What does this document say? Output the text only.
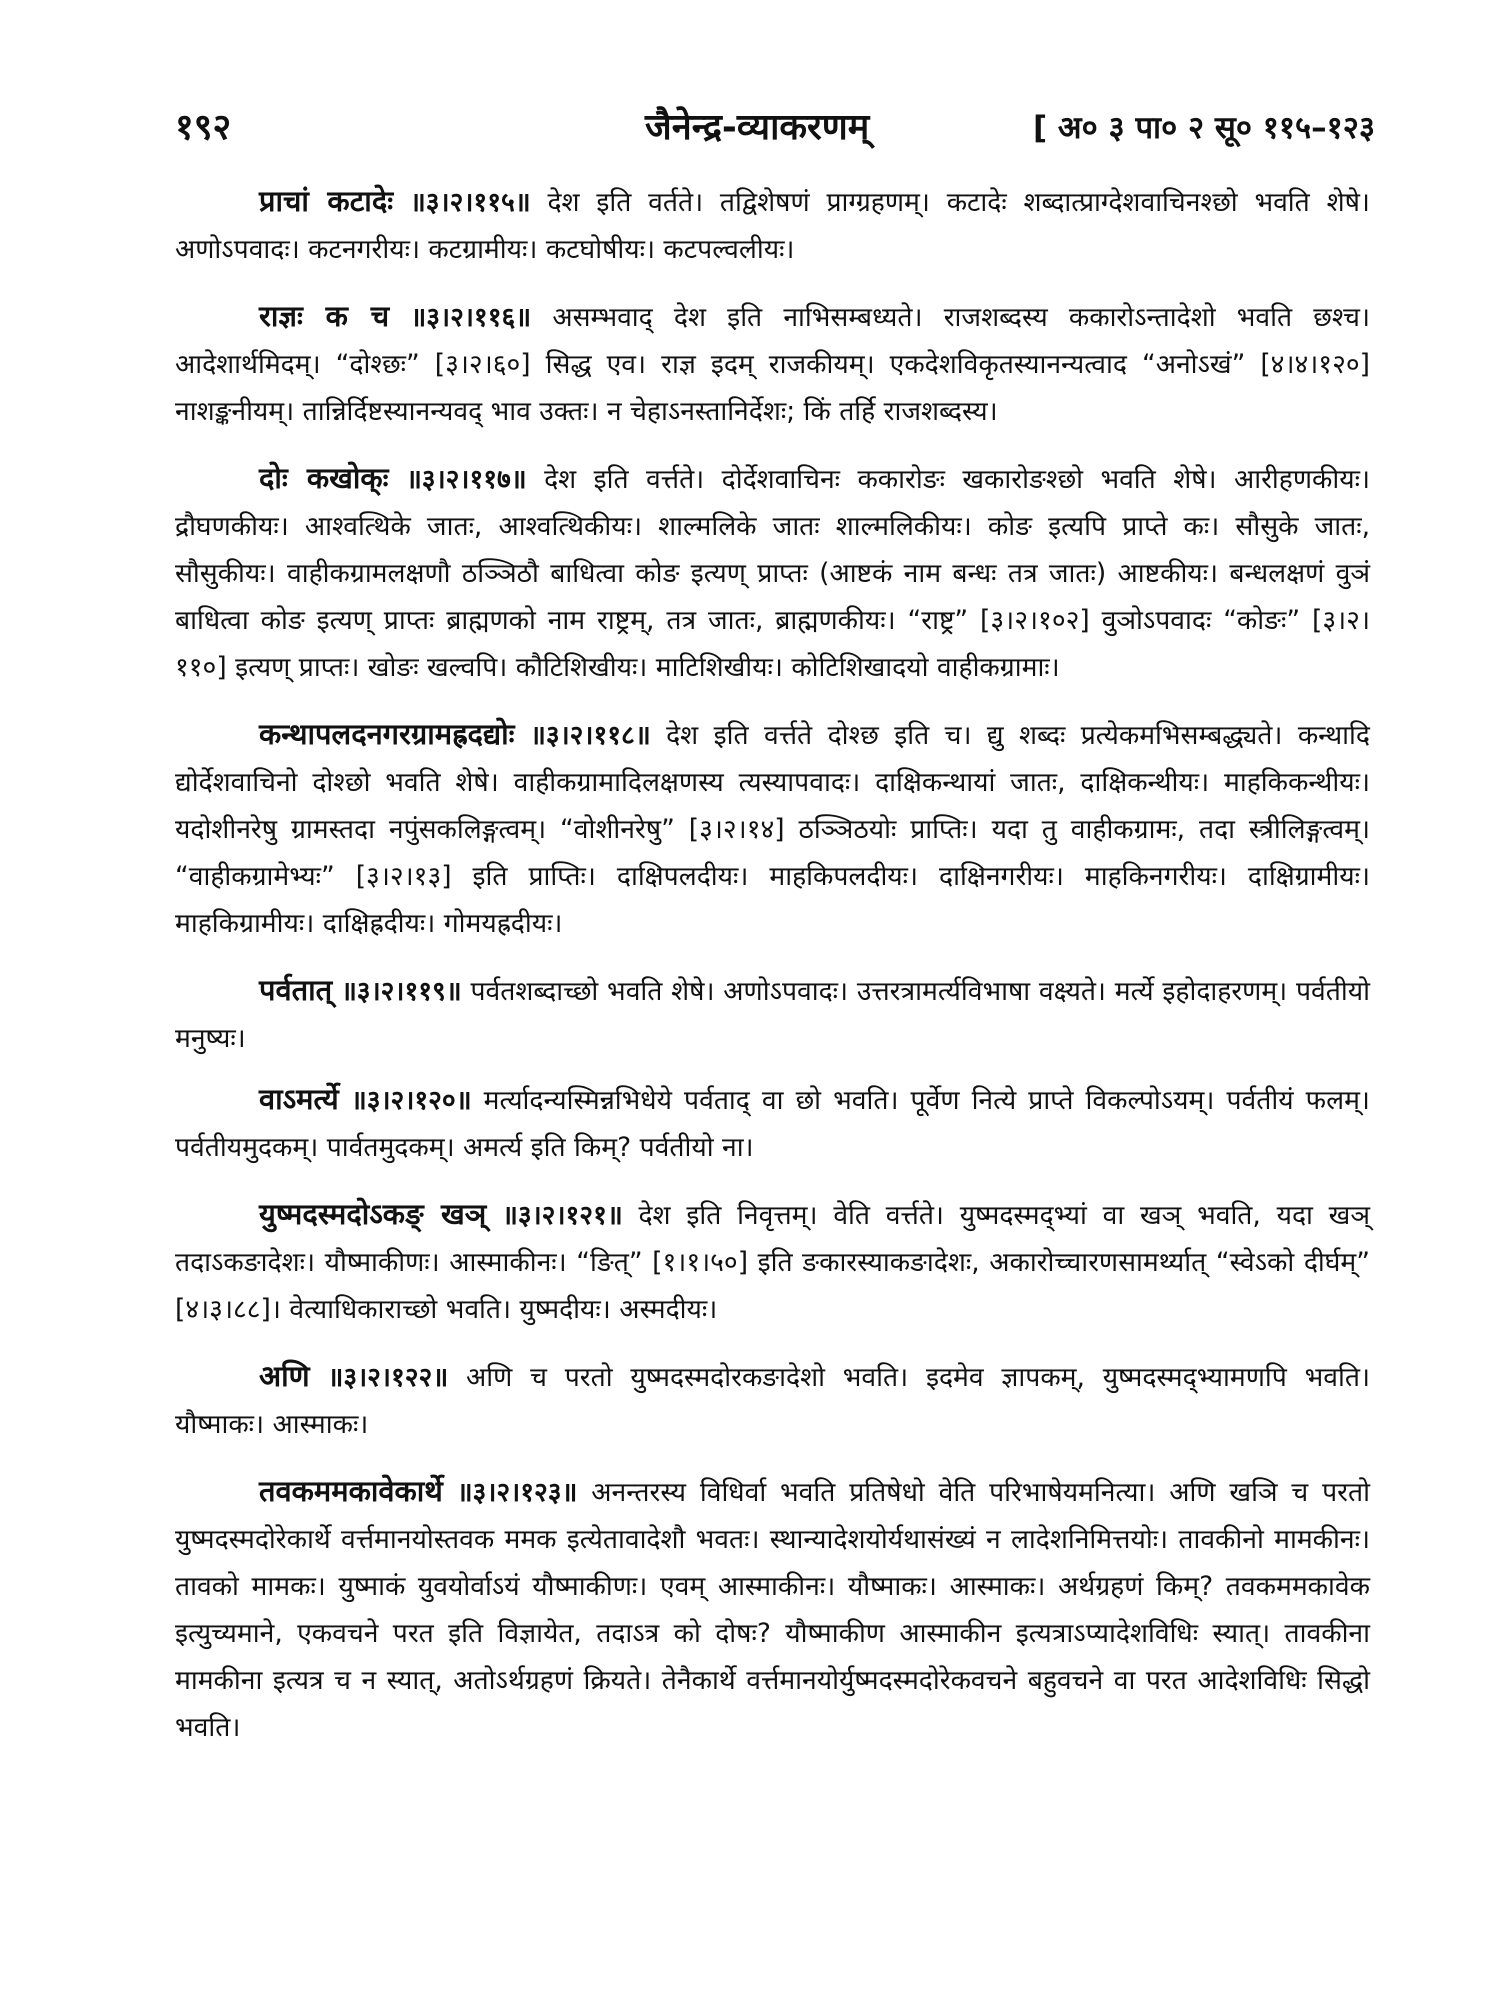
१९२	जैनेन्द्र-व्याकरणम्	[ अ० ३ पा० २ सू० ११५–१२३

प्राचां कटादेः ॥३।२।११५॥ देश इति वर्तते। तद्विशेषणं प्राग्ग्रहणम्। कटादेः शब्दात्प्राग्देशवाचिनश्छो भवति शेषे। अणोऽपवादः। कटनगरीयः। कटग्रामीयः। कटघोषीयः। कटपल्वलीयः।

राज्ञः क च ॥३।२।११६॥ असम्भवाद् देश इति नाभिसम्बध्यते। राजशब्दस्य ककारोऽन्तादेशो भवति छश्च। आदेशार्थमिदम्। “दोश्छः” [३।२।६०] सिद्ध एव। राज्ञ इदम् राजकीयम्। एकदेशविकृतस्यानन्यत्वाद “अनोऽखं” [४।४।१२०] नाशङ्कनीयम्। तान्निर्दिष्टस्यानन्यवद् भाव उक्तः। न चेहाऽनस्तानिर्देशः; किं तर्हि राजशब्दस्य।

दोः कखोक्ः ॥३।२।११७॥ देश इति वर्त्तते। दोर्देशवाचिनः ककारोङः खकारोङश्छो भवति शेषे। आरीहणकीयः। द्रौघणकीयः। आश्वत्थिके जातः, आश्वत्थिकीयः। शाल्मलिके जातः शाल्मलिकीयः। कोङ इत्यपि प्राप्ते कः। सौसुके जातः, सौसुकीयः। वाहीकग्रामलक्षणौ ठञ्ञिठौ बाधित्वा कोङ इत्यण् प्राप्तः (आष्टकं नाम बन्धः तत्र जातः) आष्टकीयः। बन्धलक्षणं वुञं बाधित्वा कोङ इत्यण् प्राप्तः ब्राह्मणको नाम राष्ट्रम्, तत्र जातः, ब्राह्मणकीयः। “राष्ट्र” [३।२।१०२] वुञोऽपवादः “कोङः” [३।२।११०] इत्यण् प्राप्तः। खोङः खल्वपि। कौटिशिखीयः। माटिशिखीयः। कोटिशिखादयो वाहीकग्रामाः।

कन्थापलदनगरग्रामह्रदद्योः ॥३।२।११८॥ देश इति वर्त्तते दोश्छ इति च। द्यु शब्दः प्रत्येकमभिसम्बद्ध्यते। कन्थादि द्योर्देशवाचिनो दोश्छो भवति शेषे। वाहीकग्रामादिलक्षणस्य त्यस्यापवादः। दाक्षिकन्थायां जातः, दाक्षिकन्थीयः। माहकिकन्थीयः। यदोशीनरेषु ग्रामस्तदा नपुंसकलिङ्गत्वम्। “वोशीनरेषु” [३।२।१४] ठञ्ञिठयोः प्राप्तिः। यदा तु वाहीकग्रामः, तदा स्त्रीलिङ्गत्वम्। “वाहीकग्रामेभ्यः” [३।२।१३] इति प्राप्तिः। दाक्षिपलदीयः। माहकिपलदीयः। दाक्षिनगरीयः। माहकिनगरीयः। दाक्षिग्रामीयः। माहकिग्रामीयः। दाक्षिह्रदीयः। गोमयह्रदीयः।

पर्वतात् ॥३।२।११९॥ पर्वतशब्दाच्छो भवति शेषे। अणोऽपवादः। उत्तरत्रामर्त्यविभाषा वक्ष्यते। मर्त्ये इहोदाहरणम्। पर्वतीयो मनुष्यः।

वाऽमर्त्ये ॥३।२।१२०॥ मर्त्यादन्यस्मिन्नभिधेये पर्वताद् वा छो भवति। पूर्वेण नित्ये प्राप्ते विकल्पोऽयम्। पर्वतीयं फलम्। पर्वतीयमुदकम्। पार्वतमुदकम्। अमर्त्य इति किम्? पर्वतीयो ना।

युष्मदस्मदोऽकङ् खञ् ॥३।२।१२१॥ देश इति निवृत्तम्। वेति वर्त्तते। युष्मदस्मद्भ्यां वा खञ् भवति, यदा खञ् तदाऽकङादेशः। यौष्माकीणः। आस्माकीनः। “ङित्” [१।१।५०] इति ङकारस्याकङादेशः, अकारोच्चारणसामर्थ्यात् “स्वेऽको दीर्घम्” [४।३।८८]। वेत्याधिकाराच्छो भवति। युष्मदीयः। अस्मदीयः।

अणि ॥३।२।१२२॥ अणि च परतो युष्मदस्मदोरकङादेशो भवति। इदमेव ज्ञापकम्, युष्मदस्मद्भ्यामणपि भवति। यौष्माकः। आस्माकः।

तवकममकावेकार्थे ॥३।२।१२३॥ अनन्तरस्य विधिर्वा भवति प्रतिषेधो वेति परिभाषेयमनित्या। अणि खञि च परतो युष्मदस्मदोरेकार्थे वर्त्तमानयोस्तवक ममक इत्येतावादेशौ भवतः। स्थान्यादेशयोर्यथासंख्यं न लादेशनिमित्तयोः। तावकीनो मामकीनः। तावको मामकः। युष्माकं युवयोर्वाऽयं यौष्माकीणः। एवम् आस्माकीनः। यौष्माकः। आस्माकः। अर्थग्रहणं किम्? तवकममकावेक इत्युच्यमाने, एकवचने परत इति विज्ञायेत, तदाऽत्र को दोषः? यौष्माकीण आस्माकीन इत्यत्राऽप्यादेशविधिः स्यात्। तावकीना मामकीना इत्यत्र च न स्यात्, अतोऽर्थग्रहणं क्रियते। तेनैकार्थे वर्त्तमानयोर्युष्मदस्मदोरेकवचने बहुवचने वा परत आदेशविधिः सिद्धो भवति।
